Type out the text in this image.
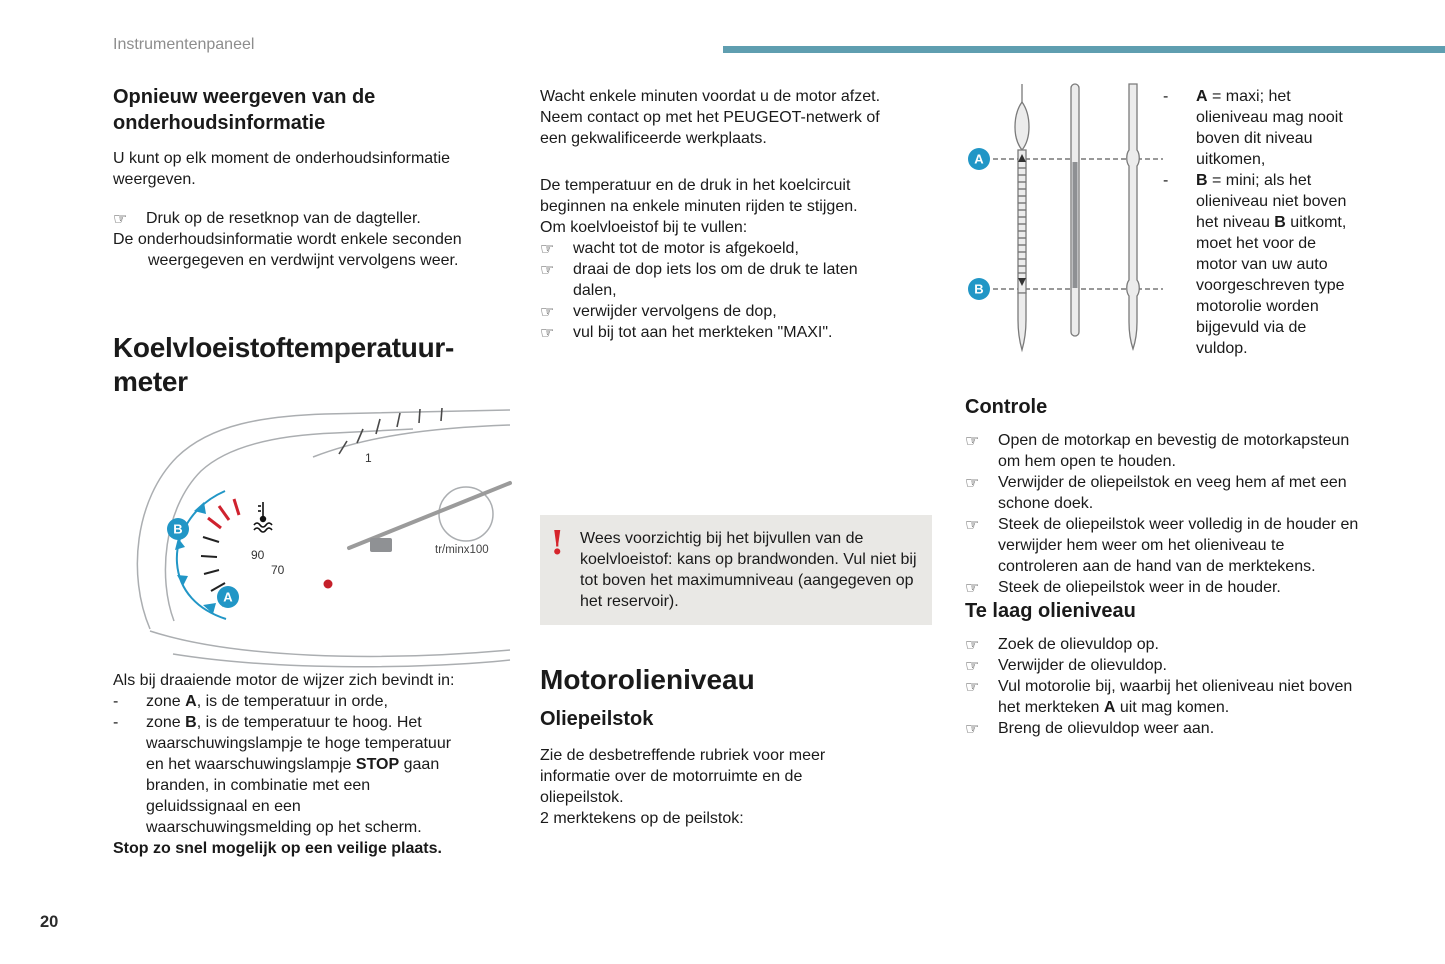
Instrumentenpaneel
Opnieuw weergeven van de onderhoudsinformatie

U kunt op elk moment de onderhoudsinformatie weergeven.

☞	Druk op de resetknop van de dagteller.

De onderhoudsinformatie wordt enkele seconden weergegeven en verdwijnt vervolgens weer.

Koelvloeistoftemperatuur-meter
1
tr/minx100
90
70
B
A

Als bij draaiende motor de wijzer zich bevindt in:

-	zone A, is de temperatuur in orde,
-	zone B, is de temperatuur te hoog. Het waarschuwingslampje te hoge temperatuur en het waarschuwingslampje STOP gaan branden, in combinatie met een geluidssignaal en een waarschuwingsmelding op het scherm.

Stop zo snel mogelijk op een veilige plaats.

Wacht enkele minuten voordat u de motor afzet.

Neem contact op met het PEUGEOT-netwerk of een gekwalificeerde werkplaats.

De temperatuur en de druk in het koelcircuit beginnen na enkele minuten rijden te stijgen. Om koelvloeistof bij te vullen:

☞	wacht tot de motor is afgekoeld,
☞	draai de dop iets los om de druk te laten dalen,
☞	verwijder vervolgens de dop,
☞	vul bij tot aan het merkteken "MAXI".
! Wees voorzichtig bij het bijvullen van de koelvloeistof: kans op brandwonden. Vul niet bij tot boven het maximumniveau (aangegeven op het reservoir).
Motorolieniveau
Oliepeilstok

Zie de desbetreffende rubriek voor meer informatie over de motorruimte en de oliepeilstok.

2 merktekens op de peilstok:

A
B
-	A = maxi; het olieniveau mag nooit boven dit niveau uitkomen,
-	B = mini; als het olieniveau niet boven het niveau B uitkomt, moet het voor de motor van uw auto voorgeschreven type motorolie worden bijgevuld via de vuldop.
Controle
☞	Open de motorkap en bevestig de motorkapsteun om hem open te houden.
☞	Verwijder de oliepeilstok en veeg hem af met een schone doek.
☞	Steek de oliepeilstok weer volledig in de houder en verwijder hem weer om het olieniveau te controleren aan de hand van de merktekens.
☞	Steek de oliepeilstok weer in de houder.
Te laag olieniveau
☞	Zoek de olievuldop op.
☞	Verwijder de olievuldop.
☞	Vul motorolie bij, waarbij het olieniveau niet boven het merkteken A uit mag komen.
☞	Breng de olievuldop weer aan.
20
